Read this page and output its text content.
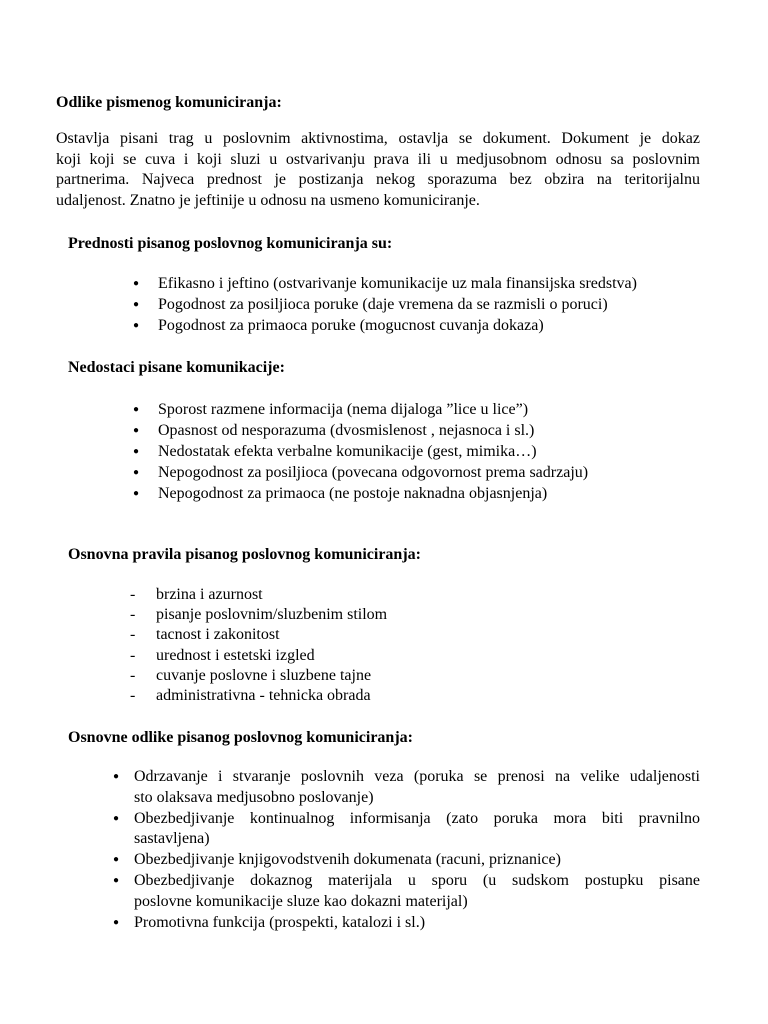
Odlike pismenog komuniciranja:
Ostavlja pisani trag u poslovnim aktivnostima, ostavlja se dokument. Dokument je dokaz
koji koji se cuva i koji sluzi u ostvarivanju prava ili u medjusobnom odnosu sa poslovnim
partnerima. Najveca prednost je postizanja nekog sporazuma bez obzira na teritorijalnu
udaljenost. Znatno je jeftinije u odnosu na usmeno komuniciranje.
Prednosti pisanog poslovnog komuniciranja su:
● Efikasno i jeftino (ostvarivanje komunikacije uz mala finansijska sredstva)
● Pogodnost za posiljioca poruke (daje vremena da se razmisli o poruci)
● Pogodnost za primaoca poruke (mogucnost cuvanja dokaza)
Nedostaci pisane komunikacije:
● Sporost razmene informacija (nema dijaloga ”lice u lice”)
● Opasnost od nesporazuma (dvosmislenost , nejasnoca i sl.)
● Nedostatak efekta verbalne komunikacije (gest, mimika…)
● Nepogodnost za posiljioca (povecana odgovornost prema sadrzaju)
● Nepogodnost za primaoca (ne postoje naknadna objasnjenja)
Osnovna pravila pisanog poslovnog komuniciranja:
- brzina i azurnost
- pisanje poslovnim/sluzbenim stilom
- tacnost i zakonitost
- urednost i estetski izgled
- cuvanje poslovne i sluzbene tajne
- administrativna - tehnicka obrada
Osnovne odlike pisanog poslovnog komuniciranja:
● Odrzavanje i stvaranje poslovnih veza (poruka se prenosi na velike udaljenosti
sto olaksava medjusobno poslovanje)
● Obezbedjivanje kontinualnog informisanja (zato poruka mora biti pravnilno
sastavljena)
● Obezbedjivanje knjigovodstvenih dokumenata (racuni, priznanice)
● Obezbedjivanje dokaznog materijala u sporu (u sudskom postupku pisane
poslovne komunikacije sluze kao dokazni materijal)
● Promotivna funkcija (prospekti, katalozi i sl.)
